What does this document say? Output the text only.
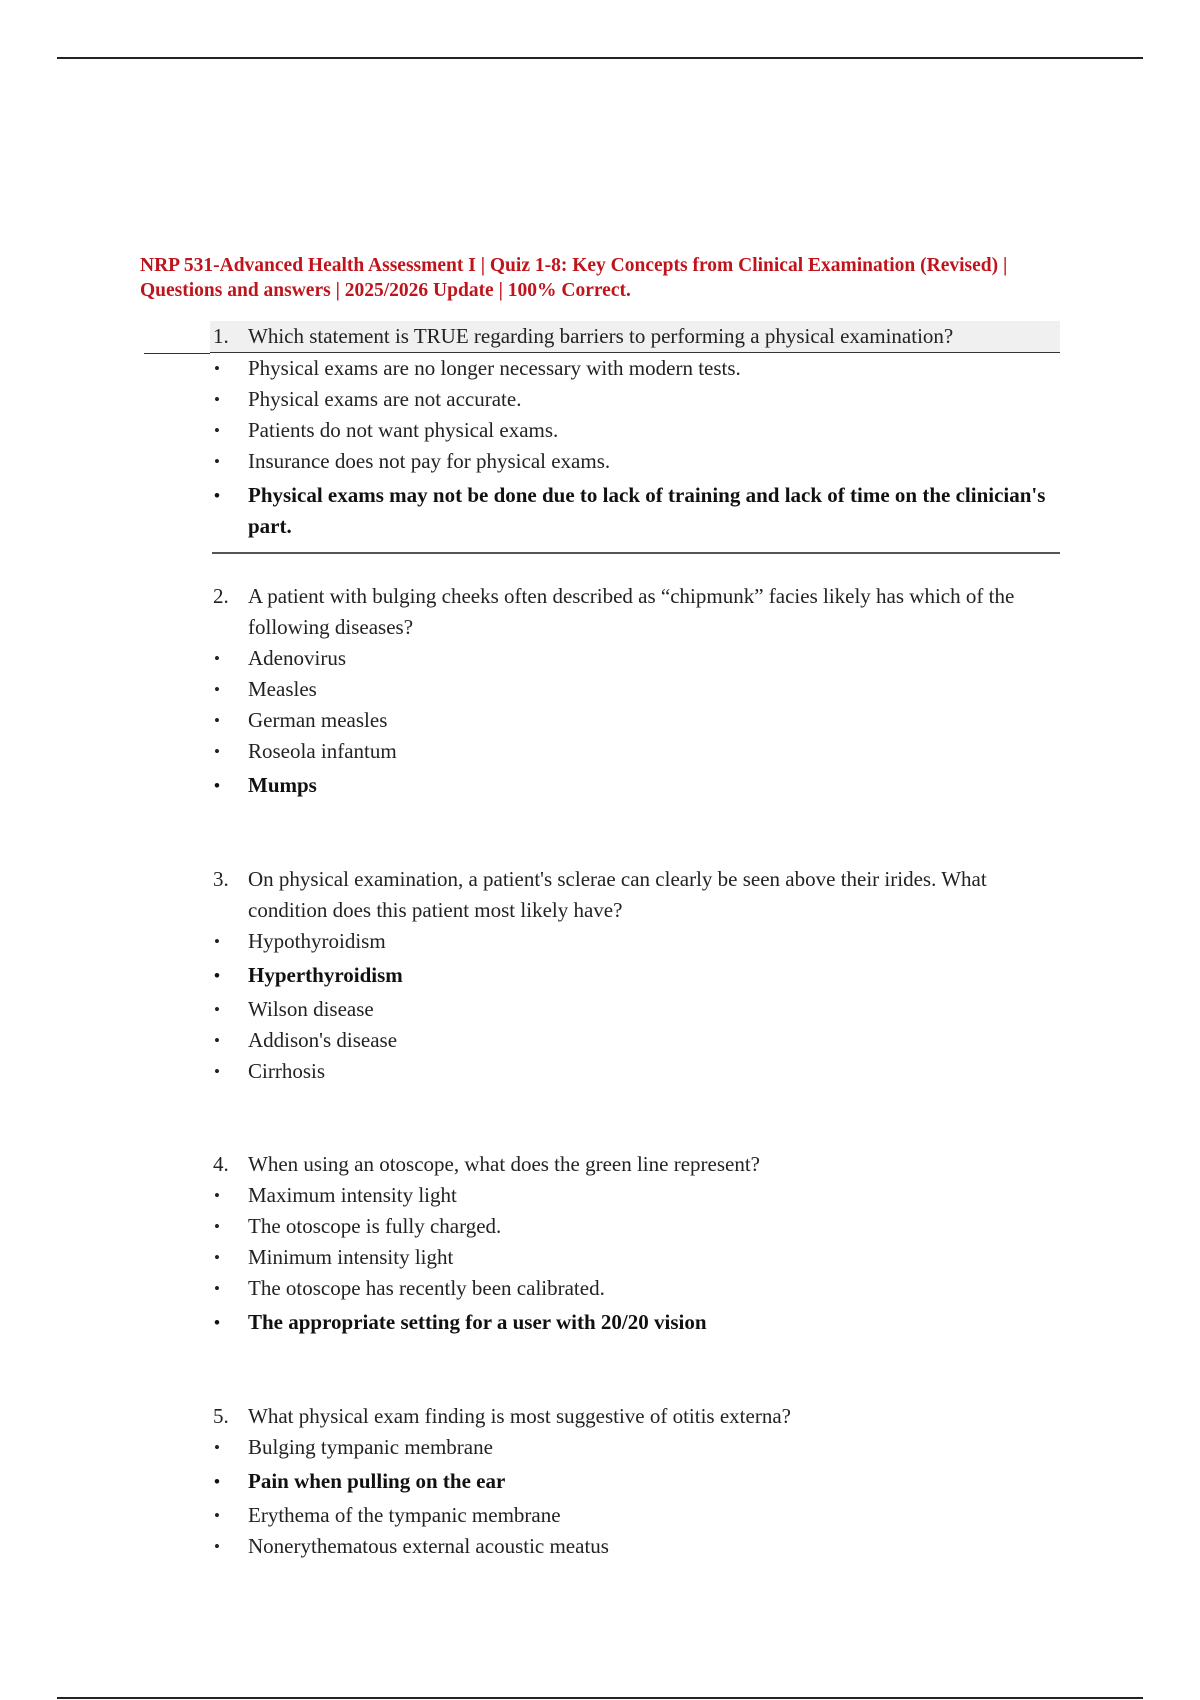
NRP 531-Advanced Health Assessment I | Quiz 1-8: Key Concepts from Clinical Examination (Revised) | Questions and answers | 2025/2026 Update | 100% Correct.

1. Which statement is TRUE regarding barriers to performing a physical examination?

• Physical exams are no longer necessary with modern tests.
• Physical exams are not accurate.
• Patients do not want physical exams.
• Insurance does not pay for physical exams.
• Physical exams may not be done due to lack of training and lack of time on the clinician's part.

2. A patient with bulging cheeks often described as “chipmunk” facies likely has which of the following diseases?

• Adenovirus
• Measles
• German measles
• Roseola infantum
• Mumps

3. On physical examination, a patient's sclerae can clearly be seen above their irides. What condition does this patient most likely have?

• Hypothyroidism
• Hyperthyroidism
• Wilson disease
• Addison's disease
• Cirrhosis

4. When using an otoscope, what does the green line represent?

• Maximum intensity light
• The otoscope is fully charged.
• Minimum intensity light
• The otoscope has recently been calibrated.
• The appropriate setting for a user with 20/20 vision

5. What physical exam finding is most suggestive of otitis externa?

• Bulging tympanic membrane
• Pain when pulling on the ear
• Erythema of the tympanic membrane
• Nonerythematous external acoustic meatus
